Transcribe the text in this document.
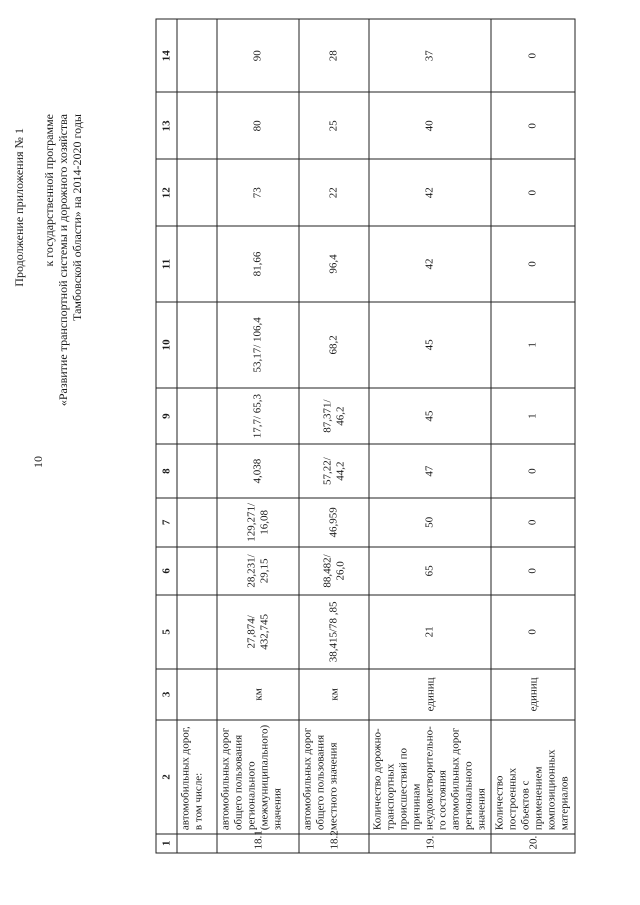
10
Продолжение приложения № 1 к государственной программе «Развитие транспортной системы и дорожного хозяйства Тамбовской области» на 2014-2020 годы
1	2	3	5	6	7	8	9	10	11	12	13	14
	автомобильных дорог, в том числе:											
18.1	автомобильных дорог общего пользования регионального (межмуниципального) значения	км	27,874/ 432,745	28,231/ 29,15	129,271/ 16,08	4,038	17,7/ 65,3	53,17/ 106,4	81,66	73	80	90
18.2	автомобильных дорог общего пользования местного значения	км	38,415/78 ,85	88,482/ 26,0	46,959	57,22/ 44,2	87,371/ 46,2	68,2	96,4	22	25	28
19.	Количество дорожно-транспортных происшествий по причинам неудовлетворительно-го состояния автомобильных дорог регионального значения	единиц	21	65	50	47	45	45	42	42	40	37
20.	Количество построенных объектов с применением композиционных материалов	единиц	0	0	0	0	1	1	0	0	0	0
